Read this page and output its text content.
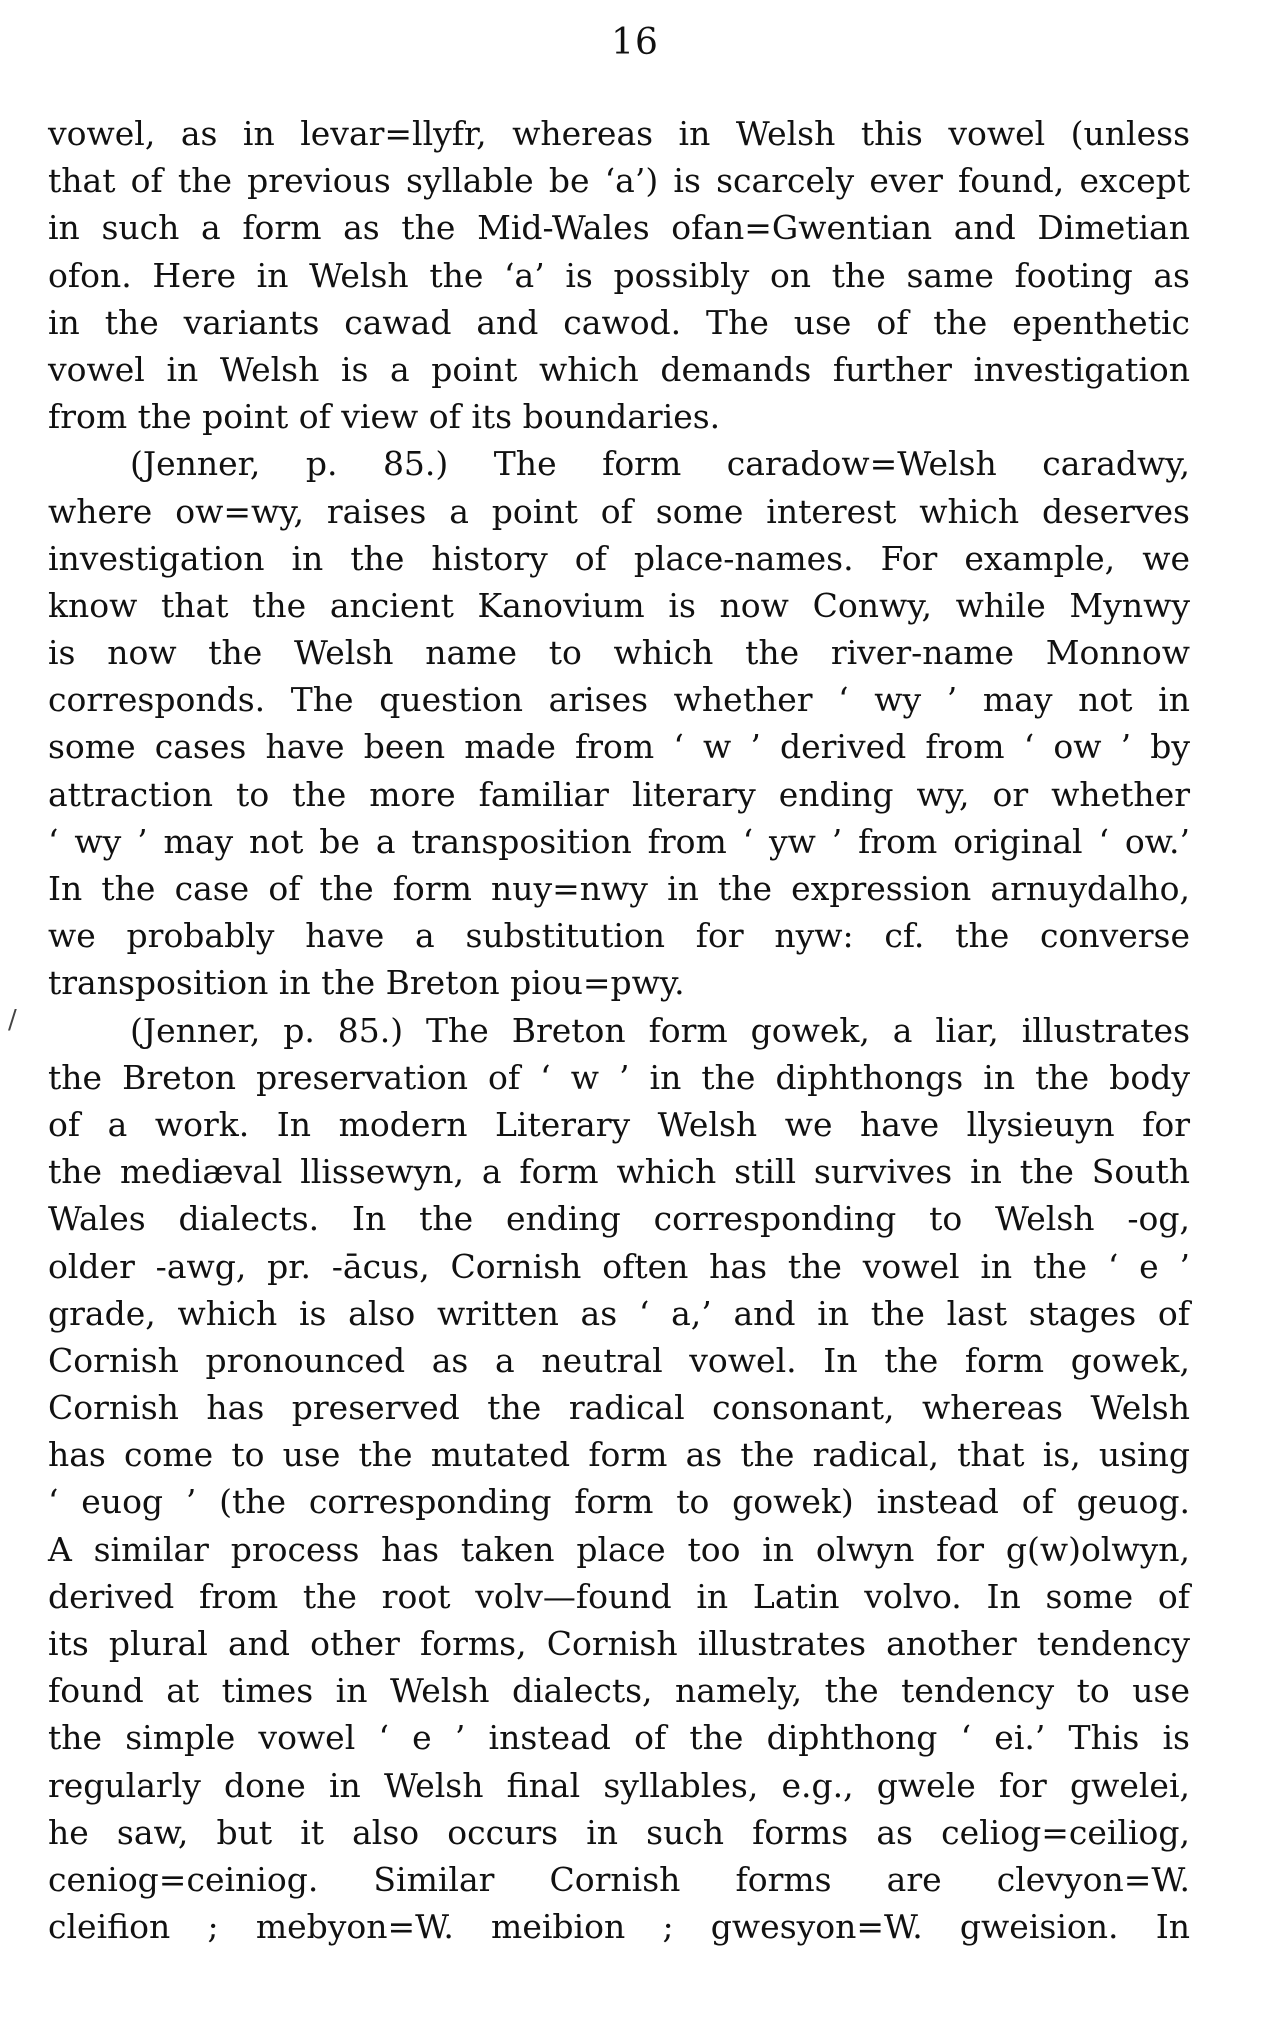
16
/
vowel, as in levar=llyfr, whereas in Welsh this vowel (unless
that of the previous syllable be ‘a’) is scarcely ever found, except
in such a form as the Mid-Wales ofan=Gwentian and Dimetian
ofon. Here in Welsh the ‘a’ is possibly on the same footing as
in the variants cawad and cawod. The use of the epenthetic
vowel in Welsh is a point which demands further investigation
from the point of view of its boundaries.
(Jenner, p. 85.) The form caradow=Welsh caradwy,
where ow=wy, raises a point of some interest which deserves
investigation in the history of place-names. For example, we
know that the ancient Kanovium is now Conwy, while Mynwy
is now the Welsh name to which the river-name Monnow
corresponds. The question arises whether ‘ wy ’ may not in
some cases have been made from ‘ w ’ derived from ‘ ow ’ by
attraction to the more familiar literary ending wy, or whether
‘ wy ’ may not be a transposition from ‘ yw ’ from original ‘ ow.’
In the case of the form nuy=nwy in the expression arnuydalho,
we probably have a substitution for nyw: cf. the converse
transposition in the Breton piou=pwy.
(Jenner, p. 85.) The Breton form gowek, a liar, illustrates
the Breton preservation of ‘ w ’ in the diphthongs in the body
of a work. In modern Literary Welsh we have llysieuyn for
the mediæval llissewyn, a form which still survives in the South
Wales dialects. In the ending corresponding to Welsh -og,
older -awg, pr. -ācus, Cornish often has the vowel in the ‘ e ’
grade, which is also written as ‘ a,’ and in the last stages of
Cornish pronounced as a neutral vowel. In the form gowek,
Cornish has preserved the radical consonant, whereas Welsh
has come to use the mutated form as the radical, that is, using
‘ euog ’ (the corresponding form to gowek) instead of geuog.
A similar process has taken place too in olwyn for g(w)olwyn,
derived from the root volv—found in Latin volvo. In some of
its plural and other forms, Cornish illustrates another tendency
found at times in Welsh dialects, namely, the tendency to use
the simple vowel ‘ e ’ instead of the diphthong ‘ ei.’ This is
regularly done in Welsh final syllables, e.g., gwele for gwelei,
he saw, but it also occurs in such forms as celiog=ceiliog,
ceniog=ceiniog. Similar Cornish forms are clevyon=W.
cleifion ; mebyon=W. meibion ; gwesyon=W. gweision. In
